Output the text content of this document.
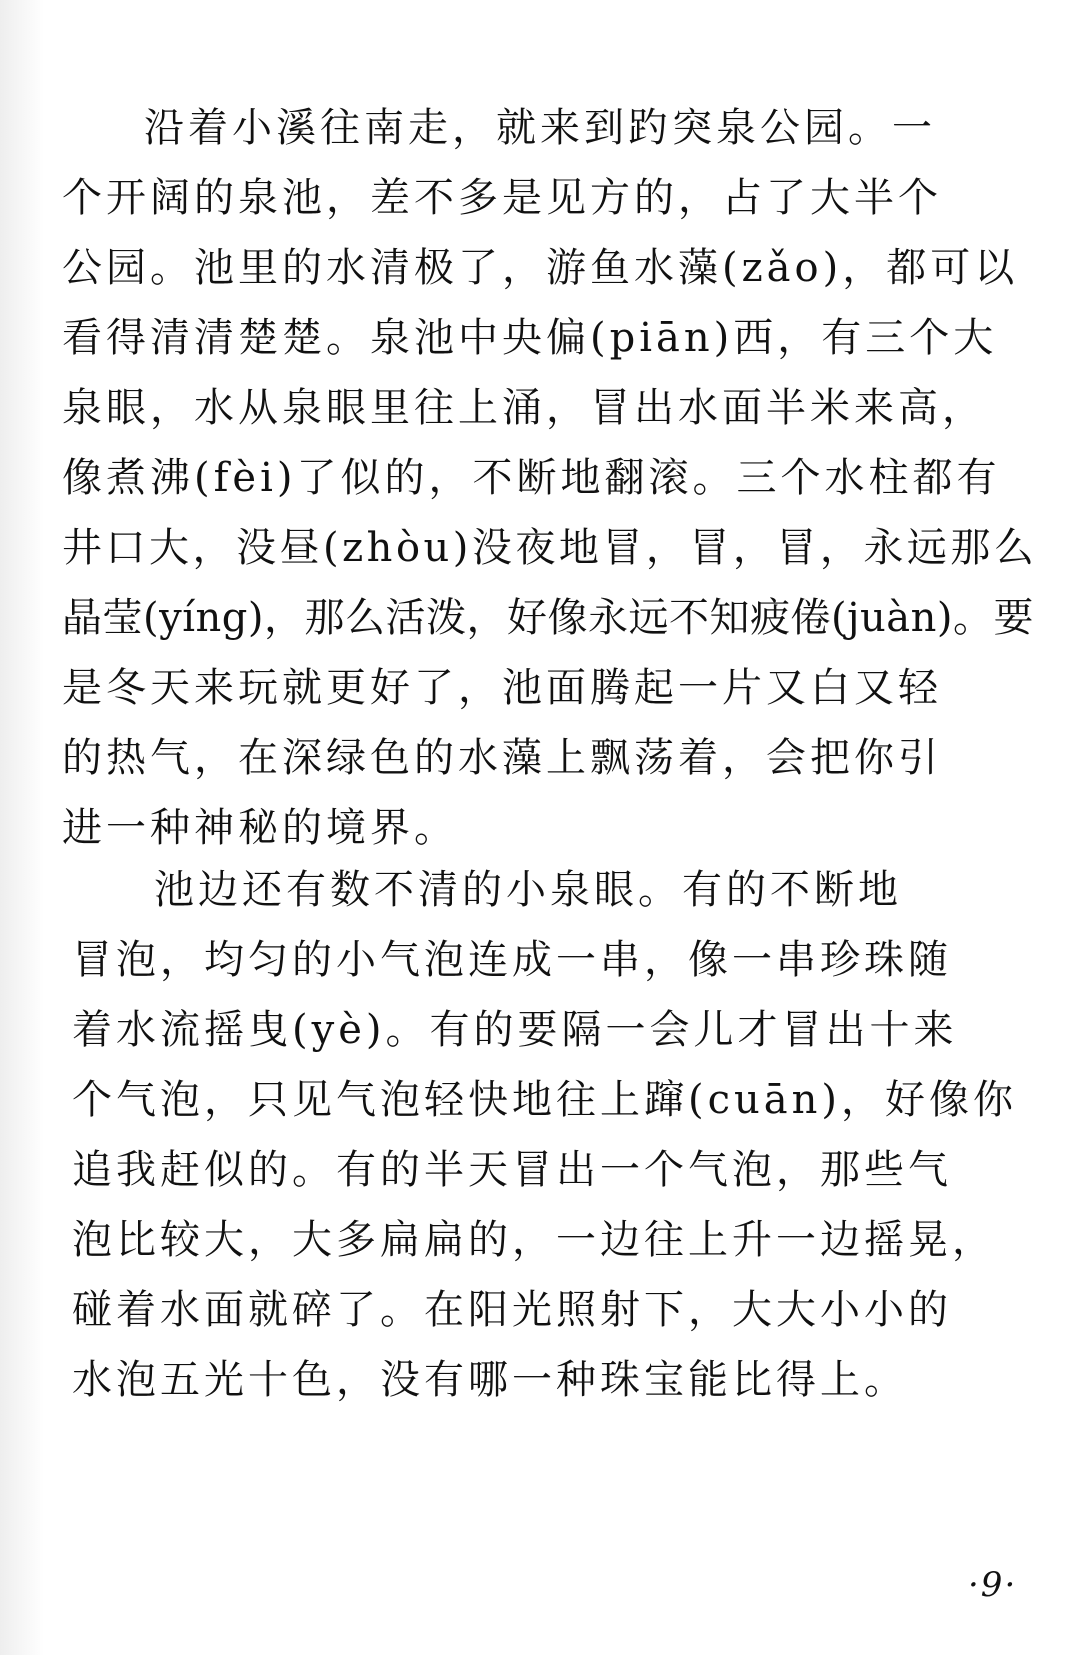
沿着小溪往南走，就来到趵突泉公园。一
个开阔的泉池，差不多是见方的，占了大半个
公园。池里的水清极了，游鱼水藻(zǎo)，都可以
看得清清楚楚。泉池中央偏(piān)西，有三个大
泉眼，水从泉眼里往上涌，冒出水面半米来高，
像煮沸(fèi)了似的，不断地翻滚。三个水柱都有
井口大，没昼(zhòu)没夜地冒，冒，冒，永远那么
晶莹(yíng)，那么活泼，好像永远不知疲倦(juàn)。要
是冬天来玩就更好了，池面腾起一片又白又轻
的热气，在深绿色的水藻上飘荡着，会把你引
进一种神秘的境界。
池边还有数不清的小泉眼。有的不断地
冒泡，均匀的小气泡连成一串，像一串珍珠随
着水流摇曳(yè)。有的要隔一会儿才冒出十来
个气泡，只见气泡轻快地往上蹿(cuān)，好像你
追我赶似的。有的半天冒出一个气泡，那些气
泡比较大，大多扁扁的，一边往上升一边摇晃，
碰着水面就碎了。在阳光照射下，大大小小的
水泡五光十色，没有哪一种珠宝能比得上。
·9·
